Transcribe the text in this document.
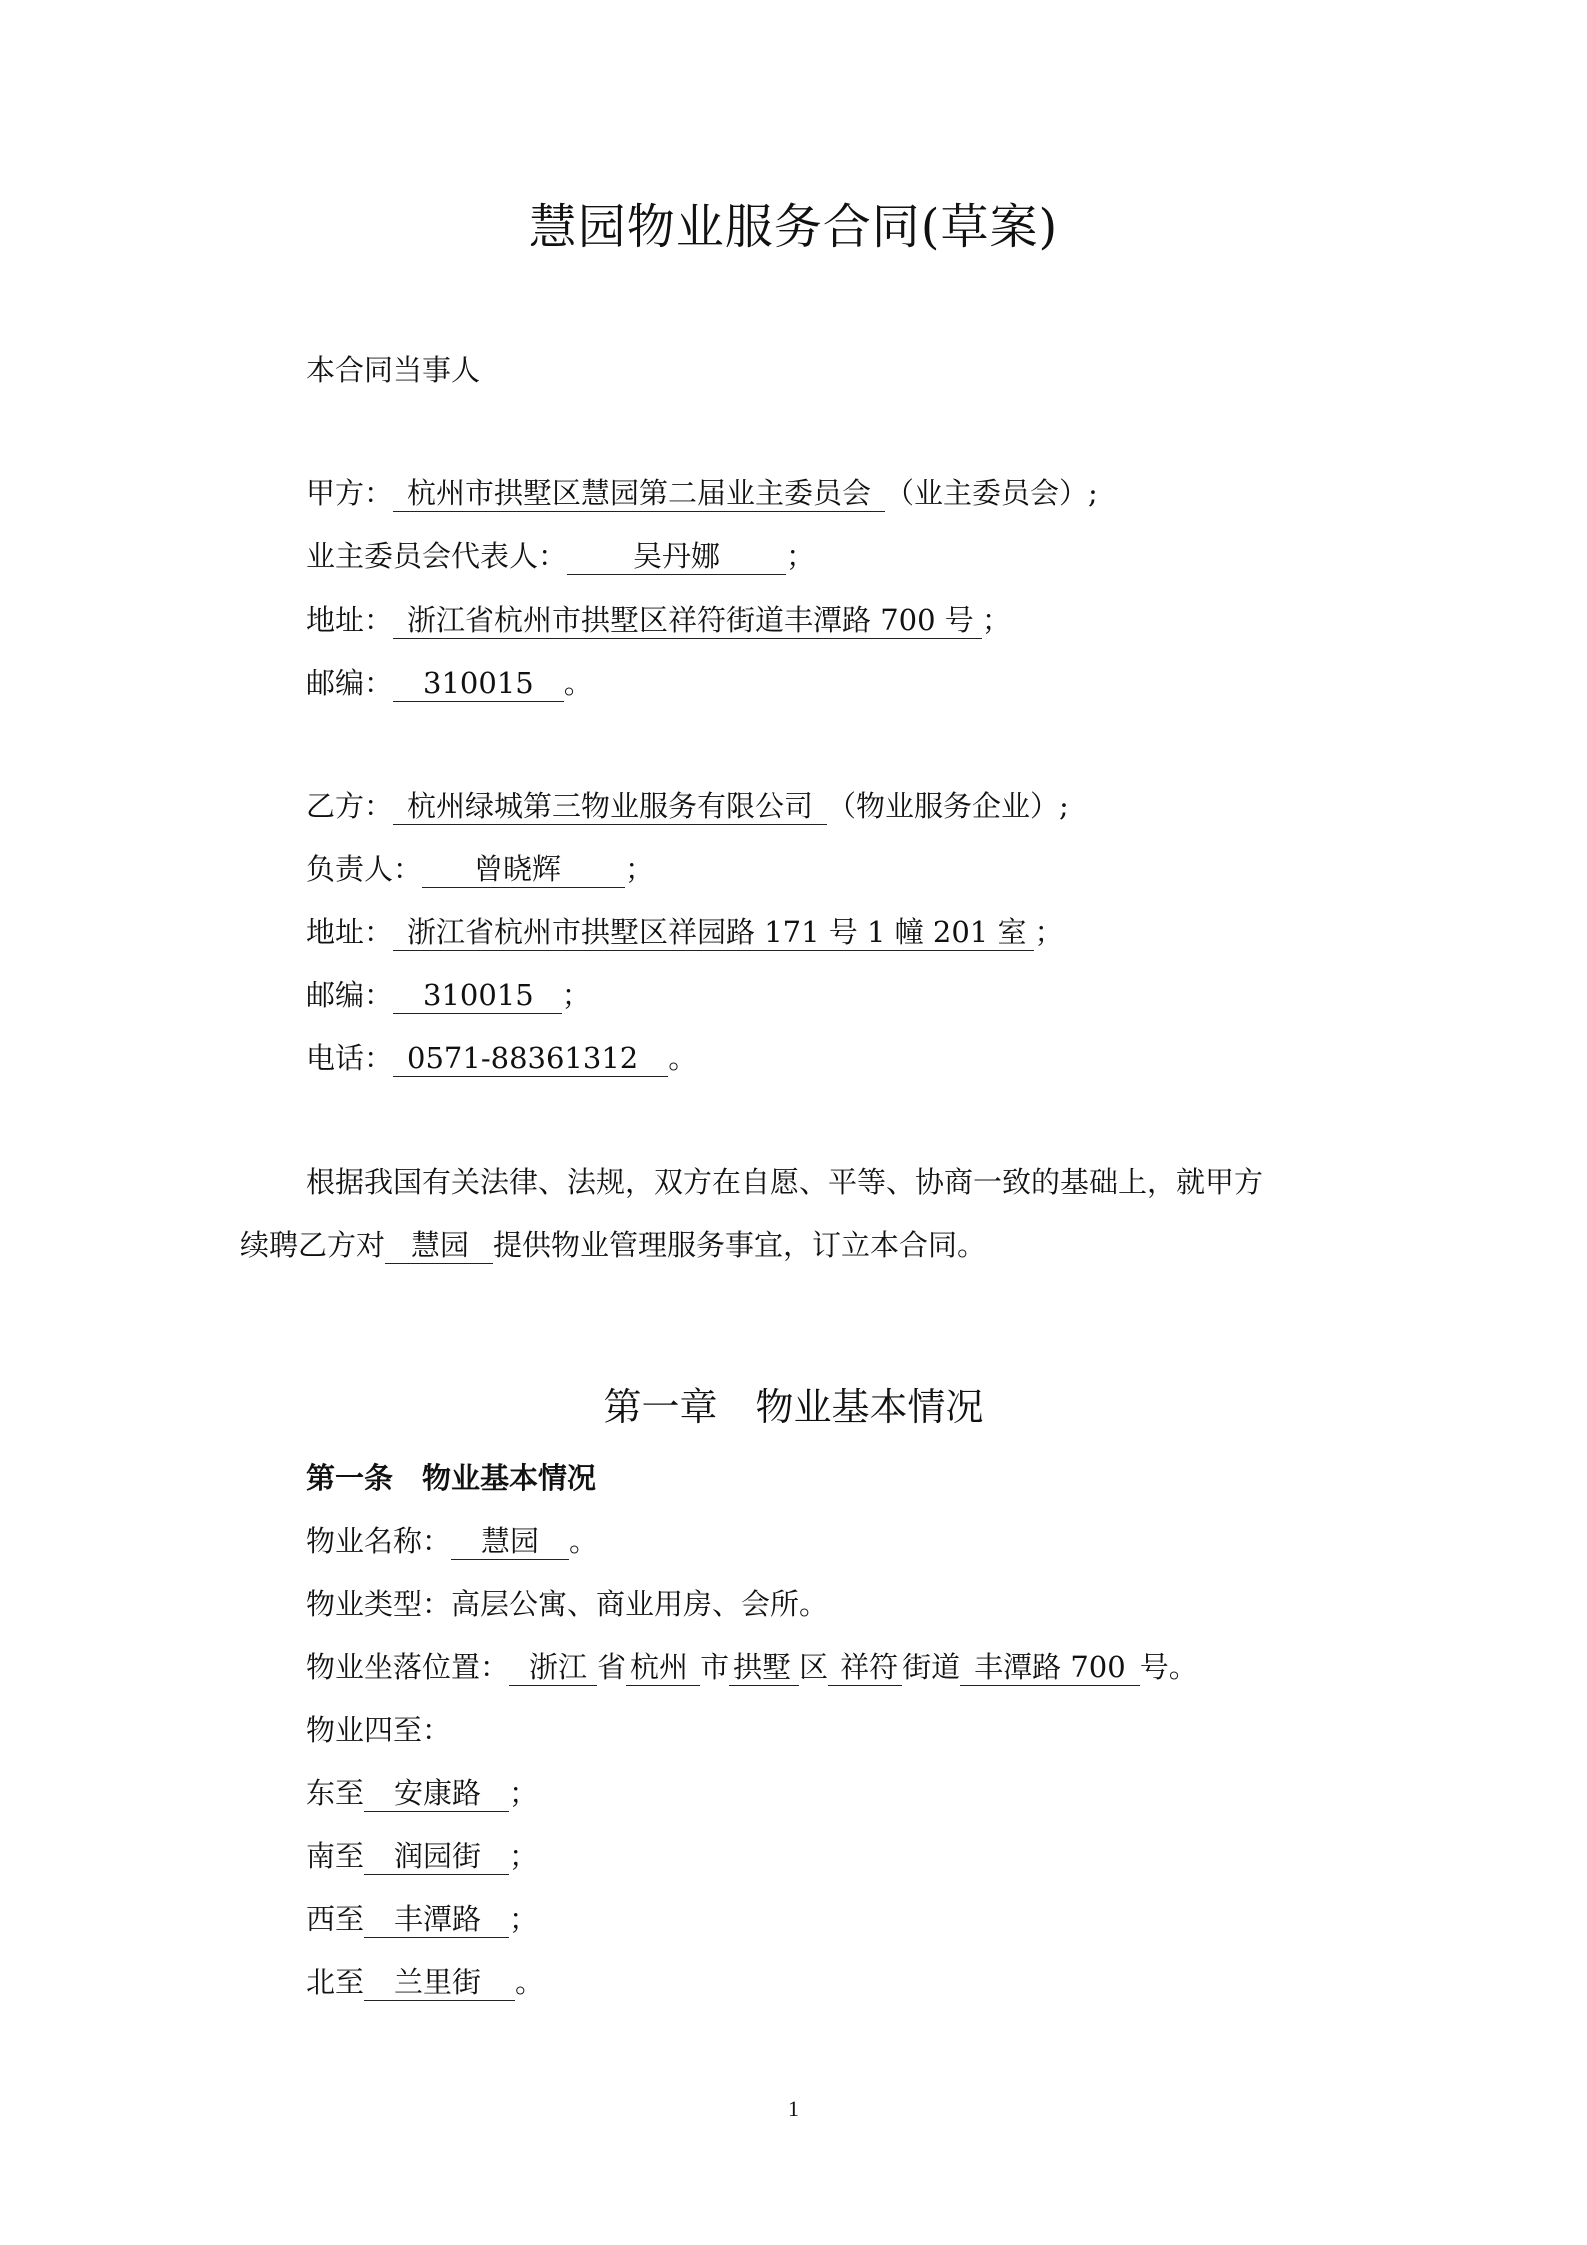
慧园物业服务合同(草案)
本合同当事人
甲方： 杭州市拱墅区慧园第二届业主委员会 （业主委员会）;
业主委员会代表人： 吴丹娜 ；
地址： 浙江省杭州市拱墅区祥符街道丰潭路 700 号 ；
邮编： 310015 。
乙方： 杭州绿城第三物业服务有限公司 （物业服务企业）;
负责人： 曾晓辉 ；
地址： 浙江省杭州市拱墅区祥园路 171 号 1 幢 201 室 ；
邮编： 310015 ；
电话： 0571-88361312 。
根据我国有关法律、法规，双方在自愿、平等、协商一致的基础上，就甲方
续聘乙方对 慧园 提供物业管理服务事宜，订立本合同。
第一章　物业基本情况
第一条　物业基本情况
物业名称： 慧园 。
物业类型：高层公寓、商业用房、会所。
物业坐落位置： 浙江 省 杭州 市 拱墅 区 祥符 街道 丰潭路 700 号。
物业四至：
东至 安康路 ；
南至 润园街 ；
西至 丰潭路 ；
北至 兰里街 。
1
